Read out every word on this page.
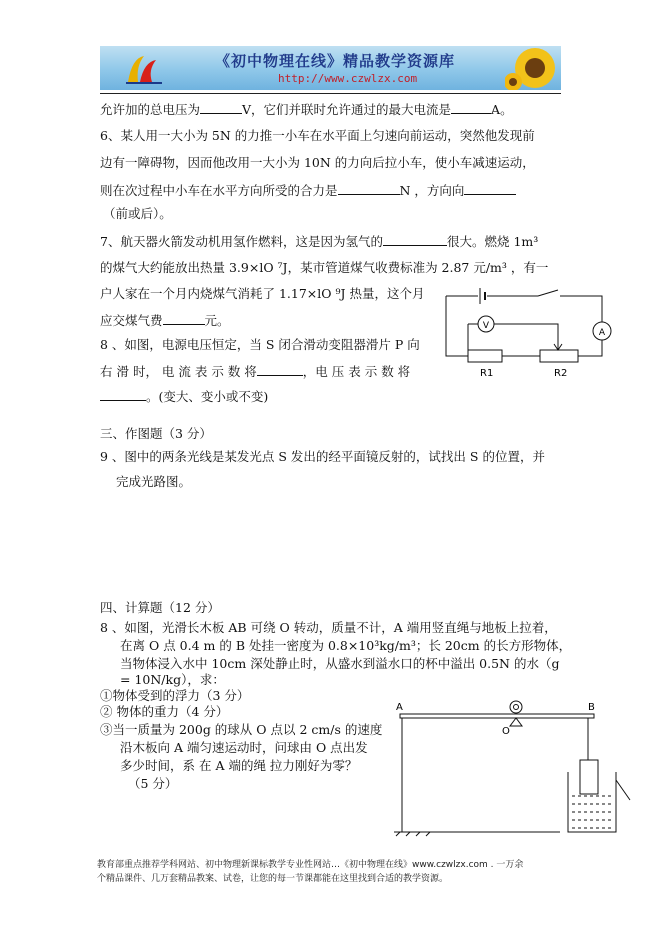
《初中物理在线》精品教学资源库
http://www.czwlzx.com
允许加的总电压为	V，它们并联时允许通过的最大电流是	A。
6、某人用一大小为 5N 的力推一小车在水平面上匀速向前运动，突然他发现前
边有一障碍物，因而他改用一大小为 10N 的力向后拉小车，使小车减速运动，
则在次过程中小车在水平方向所受的合力是	N ，方向向
（前或后）。
7、航天器火箭发动机用氢作燃料，这是因为氢气的	很大。燃烧 1m³
的煤气大约能放出热量 3.9×lO ⁷J，某市管道煤气收费标准为 2.87 元/m³ ，有一
户人家在一个月内烧煤气消耗了 1.17×lO ⁹J 热量，这个月
应交煤气费	元。
8 、如图，电源电压恒定，当 S 闭合滑动变阻器滑片 P 向
右 滑 时， 电 流 表 示 数 将	，电 压 表 示 数 将
。(变大、变小或不变)
V
A
R1	R2
三、作图题（3 分）
9 、图中的两条光线是某发光点 S 发出的经平面镜反射的，试找出 S 的位置，并
完成光路图。
四、计算题（12 分）
8 、如图，光滑长木板 AB 可绕 O 转动，质量不计，A 端用竖直绳与地板上拉着，
在离 O 点 0.4 m 的 B 处挂一密度为 0.8×10³kg/m³；长 20cm 的长方形物体，
当物体浸入水中 10cm 深处静止时，从盛水到溢水口的杯中溢出 0.5N 的水（g
= 10N/kg），求：
①物体受到的浮力（3 分）
② 物体的重力（4 分）
③当一质量为 200g 的球从 O 点以 2 cm/s 的速度
沿木板向 A 端匀速运动时，问球由 O 点出发
多少时间，系 在 A 端的绳 拉力刚好为零？
（5 分）
A	B
O
教育部重点推荐学科网站、初中物理新课标教学专业性网站…《初中物理在线》www.czwlzx.com . 一万余
个精品课件、几万套精品教案、试卷，让您的每一节课都能在这里找到合适的教学资源。
